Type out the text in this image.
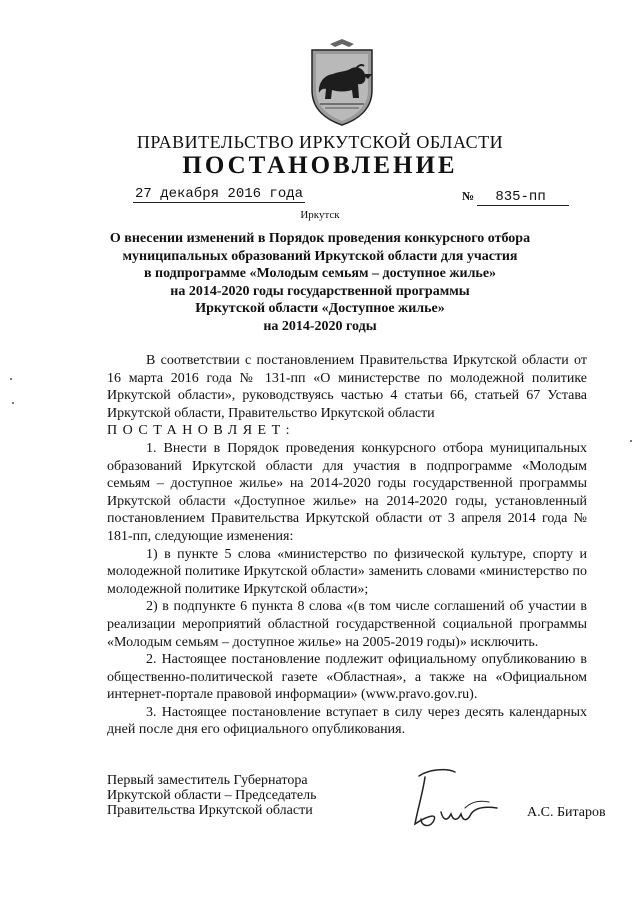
ПРАВИТЕЛЬСТВО ИРКУТСКОЙ ОБЛАСТИ
ПОСТАНОВЛЕНИЕ
27 декабря 2016 года	№ 835-пп
Иркутск
О внесении изменений в Порядок проведения конкурсного отбора
муниципальных образований Иркутской области для участия
в подпрограмме «Молодым семьям – доступное жилье»
на 2014-2020 годы государственной программы
Иркутской области «Доступное жилье»
на 2014-2020 годы

В соответствии с постановлением Правительства Иркутской области от 16 марта 2016 года № 131-пп «О министерстве по молодежной политике Иркутской области», руководствуясь частью 4 статьи 66, статьей 67 Устава Иркутской области, Правительство Иркутской области

ПОСТАНОВЛЯЕТ:

1. Внести в Порядок проведения конкурсного отбора муниципальных образований Иркутской области для участия в подпрограмме «Молодым семьям – доступное жилье» на 2014-2020 годы государственной программы Иркутской области «Доступное жилье» на 2014-2020 годы, установленный постановлением Правительства Иркутской области от 3 апреля 2014 года № 181-пп, следующие изменения:

1) в пункте 5 слова «министерство по физической культуре, спорту и молодежной политике Иркутской области» заменить словами «министерство по молодежной политике Иркутской области»;

2) в подпункте 6 пункта 8 слова «(в том числе соглашений об участии в реализации мероприятий областной государственной социальной программы «Молодым семьям – доступное жилье» на 2005-2019 годы)» исключить.

2. Настоящее постановление подлежит официальному опубликованию в общественно-политической газете «Областная», а также на «Официальном интернет-портале правовой информации» (www.pravo.gov.ru).

3. Настоящее постановление вступает в силу через десять календарных дней после дня его официального опубликования.

Первый заместитель Губернатора
Иркутской области – Председатель
Правительства Иркутской области	А.С. Битаров
